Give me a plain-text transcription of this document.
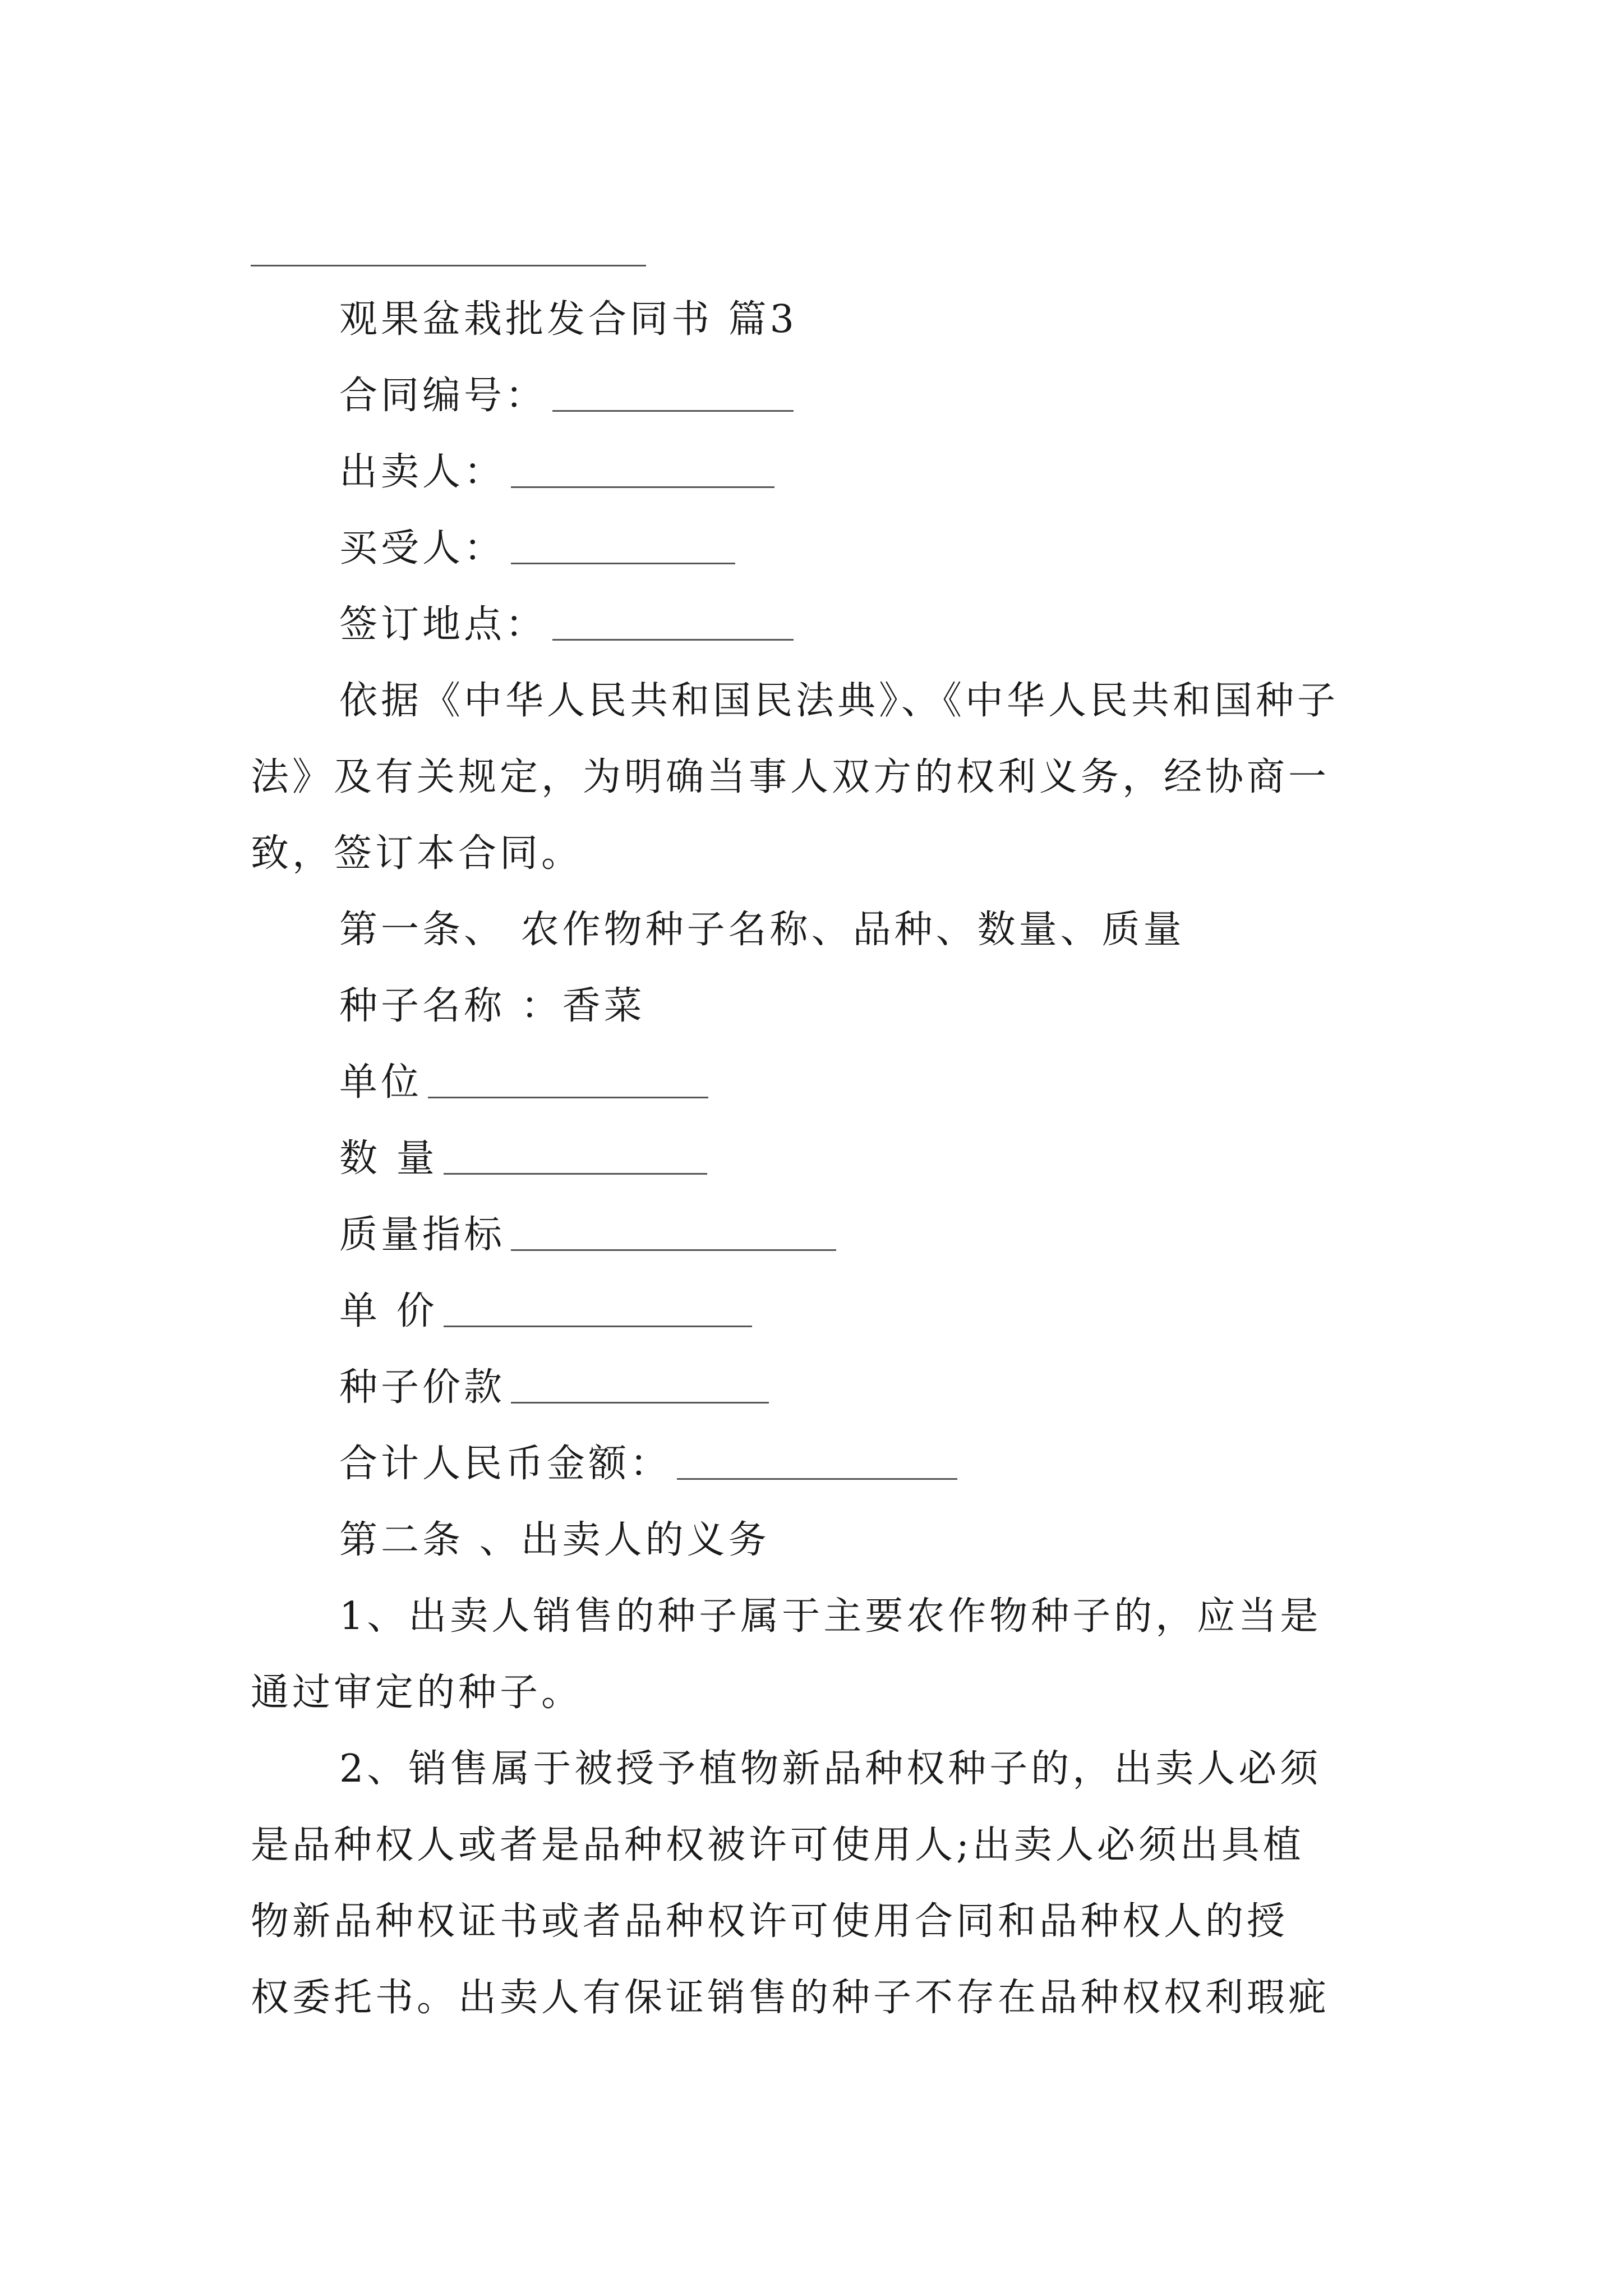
观果盆栽批发合同书 篇3
合同编号：
出卖人：
买受人：
签订地点：
依据《中华人民共和国民法典》、《中华人民共和国种子
法》及有关规定，为明确当事人双方的权利义务，经协商一
致，签订本合同。
第一条、 农作物种子名称、品种、数量、质量
种子名称 ：香菜
单位
数 量
质量指标
单 价
种子价款
合计人民币金额：
第二条 、出卖人的义务
1、出卖人销售的种子属于主要农作物种子的，应当是
通过审定的种子。
2、销售属于被授予植物新品种权种子的，出卖人必须
是品种权人或者是品种权被许可使用人;出卖人必须出具植
物新品种权证书或者品种权许可使用合同和品种权人的授
权委托书。出卖人有保证销售的种子不存在品种权权利瑕疵
